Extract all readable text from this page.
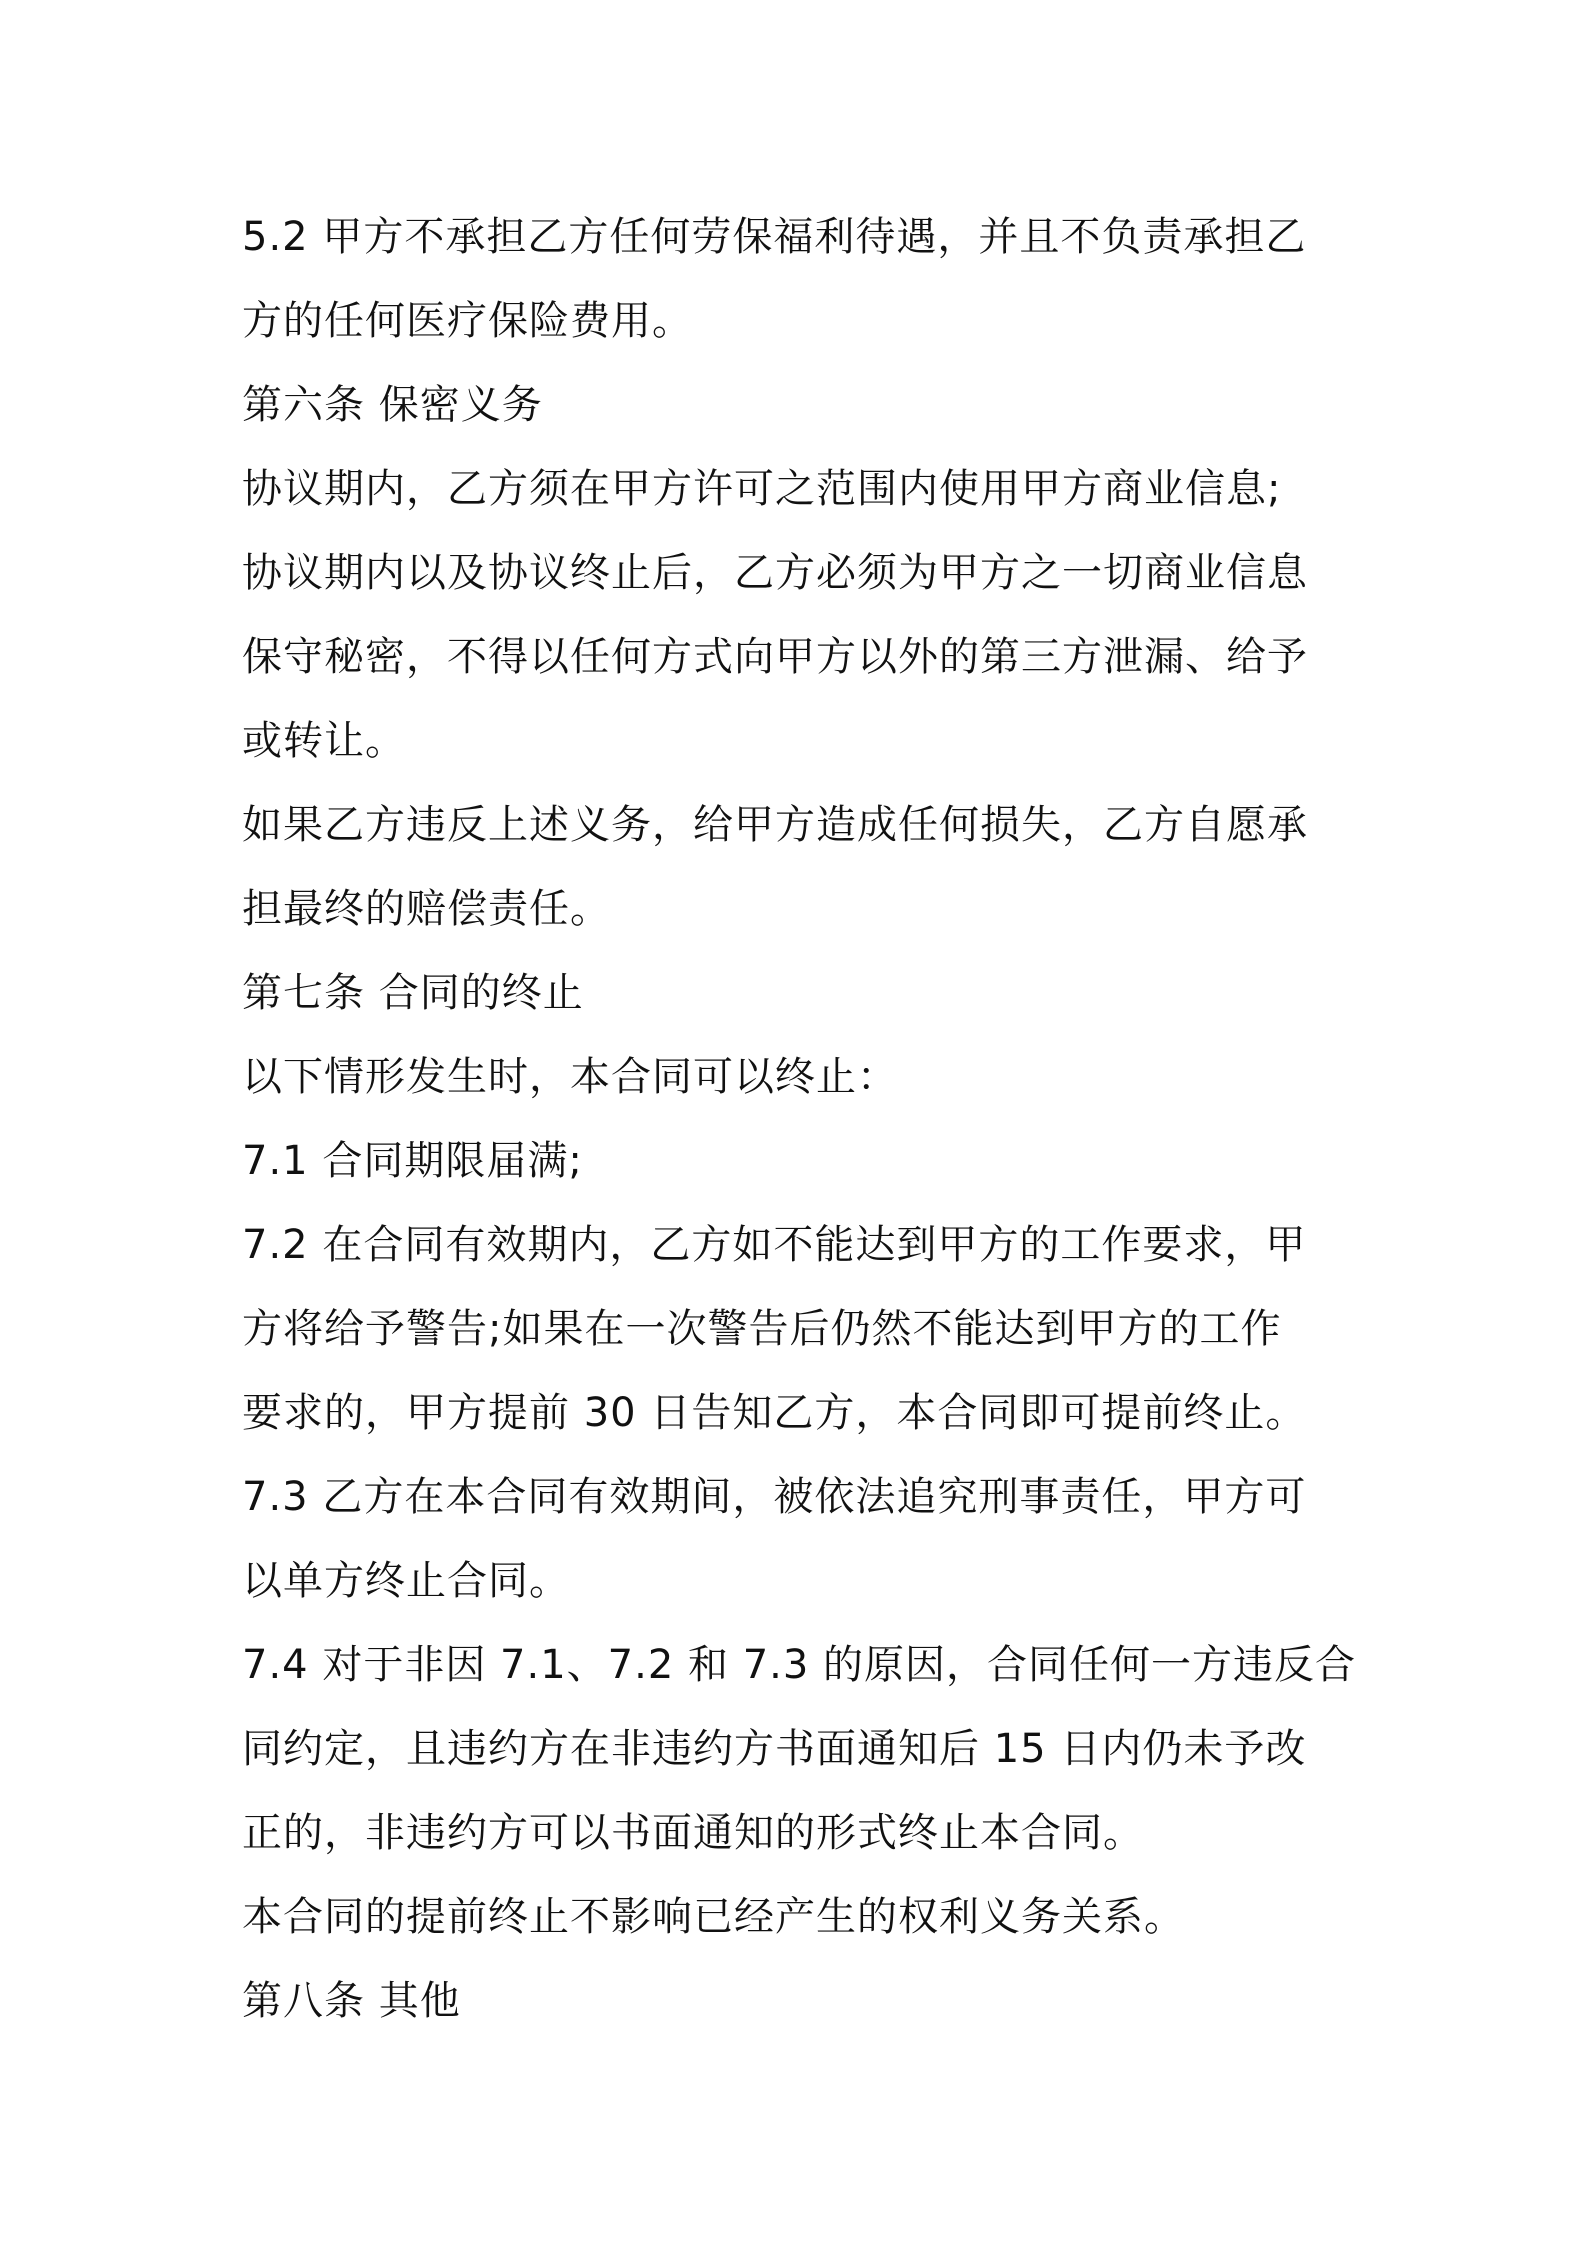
5.2 甲方不承担乙方任何劳保福利待遇，并且不负责承担乙
方的任何医疗保险费用。
第六条 保密义务
协议期内，乙方须在甲方许可之范围内使用甲方商业信息;
协议期内以及协议终止后，乙方必须为甲方之一切商业信息
保守秘密，不得以任何方式向甲方以外的第三方泄漏、给予
或转让。
如果乙方违反上述义务，给甲方造成任何损失，乙方自愿承
担最终的赔偿责任。
第七条 合同的终止
以下情形发生时，本合同可以终止：
7.1 合同期限届满;
7.2 在合同有效期内，乙方如不能达到甲方的工作要求，甲
方将给予警告;如果在一次警告后仍然不能达到甲方的工作
要求的，甲方提前 30 日告知乙方，本合同即可提前终止。
7.3 乙方在本合同有效期间，被依法追究刑事责任，甲方可
以单方终止合同。
7.4 对于非因 7.1、7.2 和 7.3 的原因，合同任何一方违反合
同约定，且违约方在非违约方书面通知后 15 日内仍未予改
正的，非违约方可以书面通知的形式终止本合同。
本合同的提前终止不影响已经产生的权利义务关系。
第八条 其他
